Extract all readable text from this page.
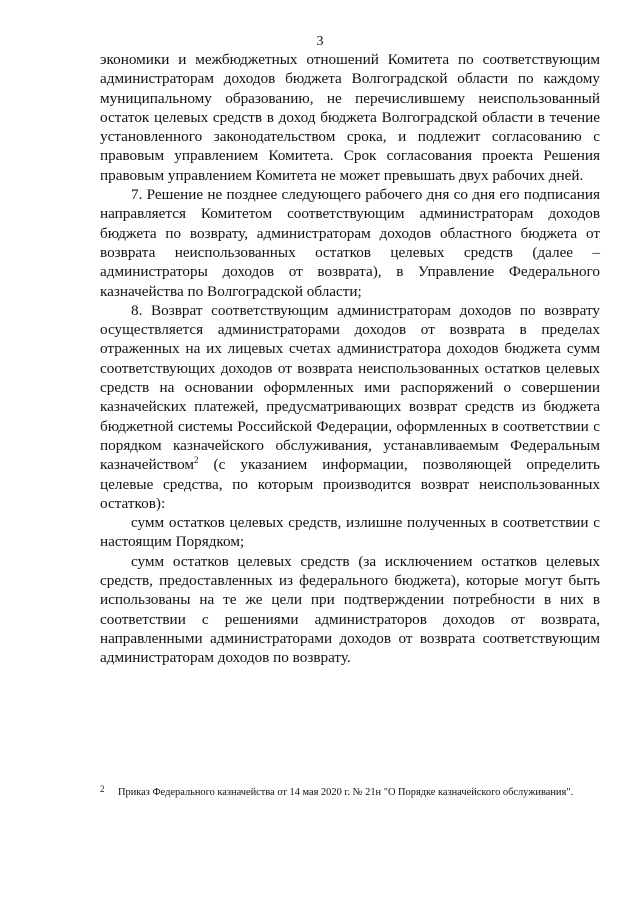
3

экономики и межбюджетных отношений Комитета по соответствующим администраторам доходов бюджета Волгоградской области по каждому муниципальному образованию, не перечислившему неиспользованный остаток целевых средств в доход бюджета Волгоградской области в течение установленного законодательством срока, и подлежит согласованию с правовым управлением Комитета. Срок согласования проекта Решения правовым управлением Комитета не может превышать двух рабочих дней.

7. Решение не позднее следующего рабочего дня со дня его подписания направляется Комитетом соответствующим администраторам доходов бюджета по возврату, администраторам доходов областного бюджета от возврата неиспользованных остатков целевых средств (далее – администраторы доходов от возврата), в Управление Федерального казначейства по Волгоградской области;

8. Возврат соответствующим администраторам доходов по возврату осуществляется администраторами доходов от возврата в пределах отраженных на их лицевых счетах администратора доходов бюджета сумм соответствующих доходов от возврата неиспользованных остатков целевых средств на основании оформленных ими распоряжений о совершении казначейских платежей, предусматривающих возврат средств из бюджета бюджетной системы Российской Федерации, оформленных в соответствии с порядком казначейского обслуживания, устанавливаемым Федеральным казначейством$^2$ (с указанием информации, позволяющей определить целевые средства, по которым производится возврат неиспользованных остатков):

сумм остатков целевых средств, излишне полученных в соответствии с настоящим Порядком;

сумм остатков целевых средств (за исключением остатков целевых средств, предоставленных из федерального бюджета), которые могут быть использованы на те же цели при подтверждении потребности в них в соответствии с решениями администраторов доходов от возврата, направленными администраторами доходов от возврата соответствующим администраторам доходов по возврату.

2 Приказ Федерального казначейства от 14 мая 2020 г. № 21н "О Порядке казначейского обслуживания".
